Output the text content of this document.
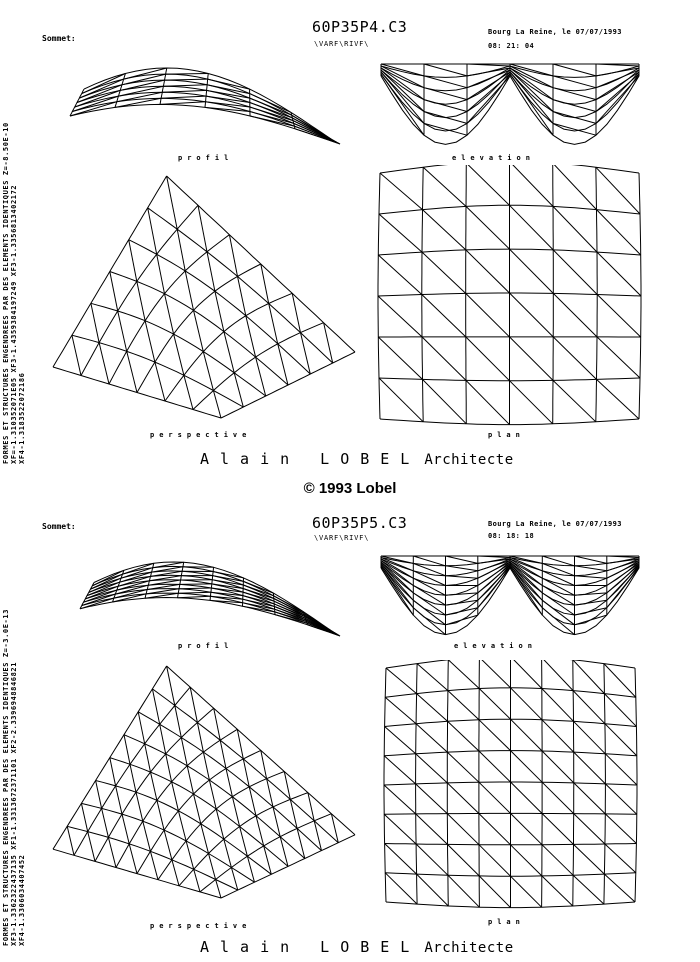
FORMES ET STRUCTURES ENGENDREES PAR DES ELEMENTS IDENTIQUES Z=-8.50E-10 XF=-1.310352071E05 XF3-1.4359384197249 XF3-1.3356813402172 XF4-1.3183522072186
Sommet:
60P35P4.C3
\VARF\RIVF\
Bourg La Reine, le 07/07/1993
08: 21: 04
profil	elevation
perspective	plan
Alain LOBEL Architecte
© 1993 Lobel
FORMES ET STRUCTURES ENGENDREES PAR DES ELEMENTS IDENTIQUES Z=-3.0E-13 XF3-1.3362322437135 XF1-1.3313672371101 XF2-2.3396948846821 XF4-1.3306034407452
Sommet:	60P35P5.C3
\VARF\RIVF\
Bourg La Reine, le 07/07/1993
08: 18: 18
profil	elevation
perspective	plan
Alain LOBEL Architecte
